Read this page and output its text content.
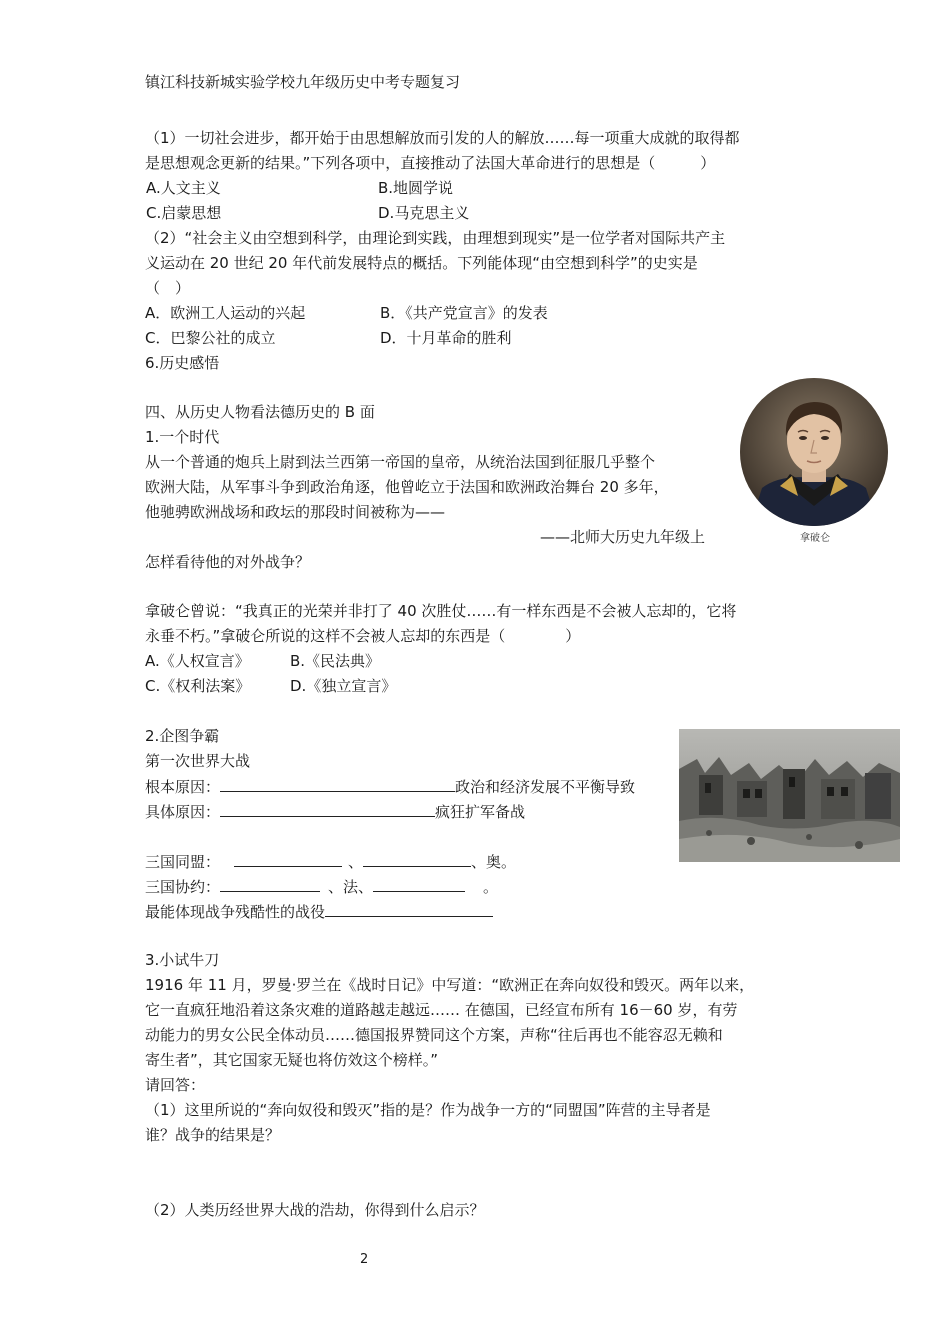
镇江科技新城实验学校九年级历史中考专题复习
（1）一切社会进步，都开始于由思想解放而引发的人的解放……每一项重大成就的取得都
是思想观念更新的结果。”下列各项中，直接推动了法国大革命进行的思想是（　　　）
A.人文主义	B.地圆学说
C.启蒙思想	D.马克思主义
（2）“社会主义由空想到科学，由理论到实践，由理想到现实”是一位学者对国际共产主
义运动在 20 世纪 20 年代前发展特点的概括。下列能体现“由空想到科学”的史实是
（　）
A．欧洲工人运动的兴起	B．《共产党宣言》的发表
C．巴黎公社的成立	D．十月革命的胜利
6.历史感悟
四、从历史人物看法德历史的 B 面
1.一个时代
从一个普通的炮兵上尉到法兰西第一帝国的皇帝，从统治法国到征服几乎整个
欧洲大陆，从军事斗争到政治角逐，他曾屹立于法国和欧洲政治舞台 20 多年，
他驰骋欧洲战场和政坛的那段时间被称为——
——北师大历史九年级上	拿破仑
怎样看待他的对外战争？
拿破仑曾说：“我真正的光荣并非打了 40 次胜仗……有一样东西是不会被人忘却的，它将
永垂不朽。”拿破仑所说的这样不会被人忘却的东西是（　　　　）
A.《人权宣言》	B.《民法典》
C.《权利法案》	D.《独立宣言》
2.企图争霸
第一次世界大战
根本原因：	政治和经济发展不平衡导致
具体原因：	疯狂扩军备战
三国同盟：	、	、奥。
三国协约：	、法、	。
最能体现战争残酷性的战役
3.小试牛刀
1916 年 11 月，罗曼·罗兰在《战时日记》中写道：“欧洲正在奔向奴役和毁灭。两年以来，
它一直疯狂地沿着这条灾难的道路越走越远…… 在德国，已经宣布所有 16－60 岁，有劳
动能力的男女公民全体动员……德国报界赞同这个方案，声称“往后再也不能容忍无赖和
寄生者”，其它国家无疑也将仿效这个榜样。”
请回答：
（1）这里所说的“奔向奴役和毁灭”指的是？作为战争一方的“同盟国”阵营的主导者是
谁？战争的结果是？
（2）人类历经世界大战的浩劫，你得到什么启示？
2
